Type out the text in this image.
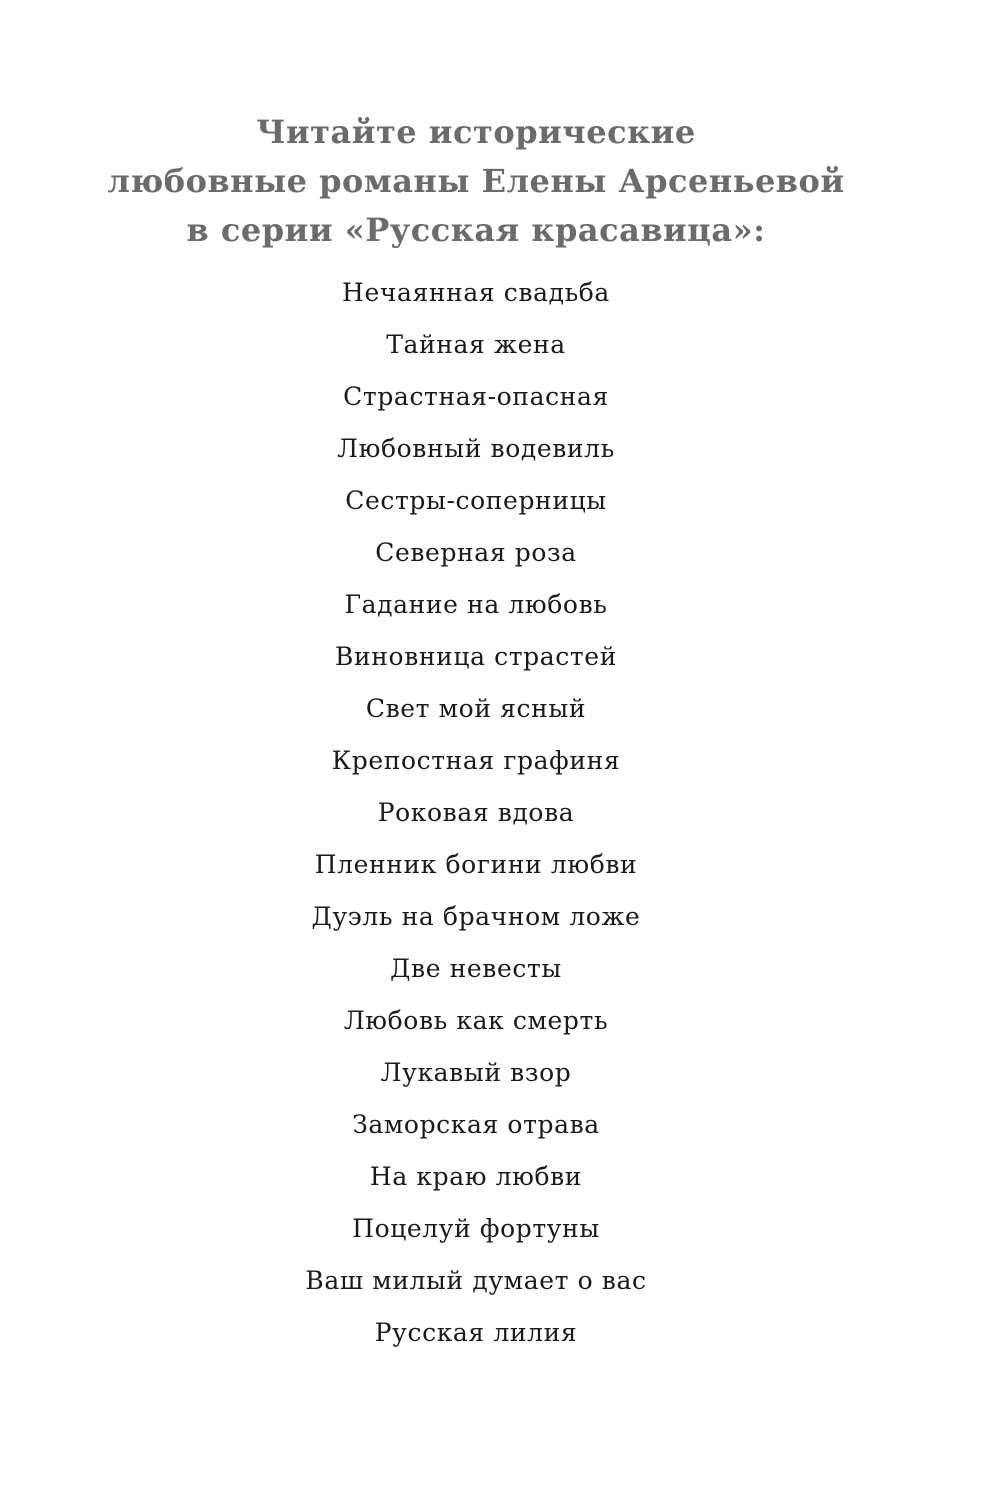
Читайте исторические
любовные романы Елены Арсеньевой
в серии «Русская красавица»:
Нечаянная свадьба
Тайная жена
Страстная-опасная
Любовный водевиль
Сестры-соперницы
Северная роза
Гадание на любовь
Виновница страстей
Свет мой ясный
Крепостная графиня
Роковая вдова
Пленник богини любви
Дуэль на брачном ложе
Две невесты
Любовь как смерть
Лукавый взор
Заморская отрава
На краю любви
Поцелуй фортуны
Ваш милый думает о вас
Русская лилия
